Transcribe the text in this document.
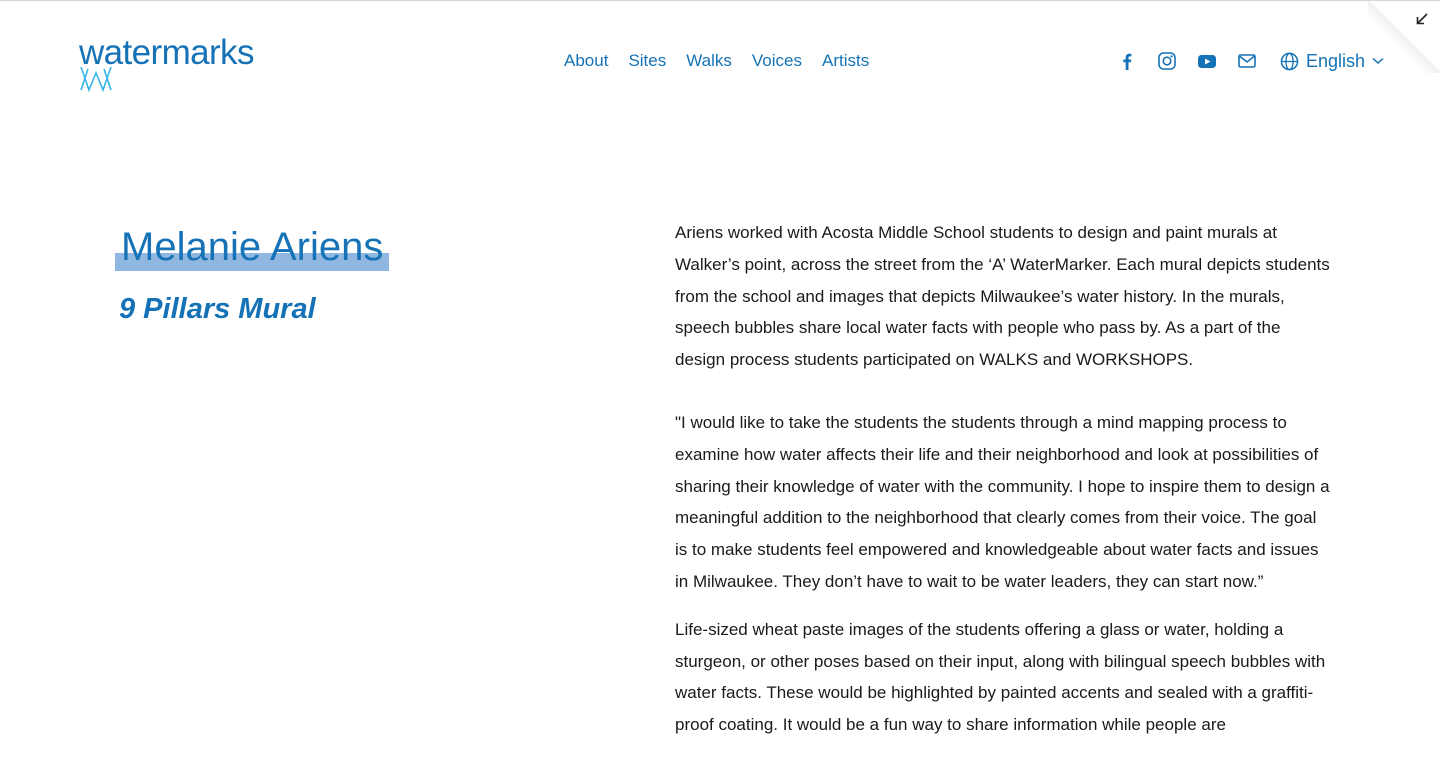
watermarks	About Sites Walks Voices Artists	English
Melanie Ariens
9 Pillars Mural

Ariens worked with Acosta Middle School students to design and paint murals at Walker’s point, across the street from the ‘A’ WaterMarker. Each mural depicts students from the school and images that depicts Milwaukee’s water history. In the murals, speech bubbles share local water facts with people who pass by. As a part of the design process students participated on WALKS and WORKSHOPS.

"I would like to take the students the students through a mind mapping process to examine how water affects their life and their neighborhood and look at possibilities of sharing their knowledge of water with the community. I hope to inspire them to design a meaningful addition to the neighborhood that clearly comes from their voice. The goal is to make students feel empowered and knowledgeable about water facts and issues in Milwaukee. They don’t have to wait to be water leaders, they can start now.”

Life-sized wheat paste images of the students offering a glass or water, holding a sturgeon, or other poses based on their input, along with bilingual speech bubbles with water facts. These would be highlighted by painted accents and sealed with a graffiti-proof coating. It would be a fun way to share information while people are
